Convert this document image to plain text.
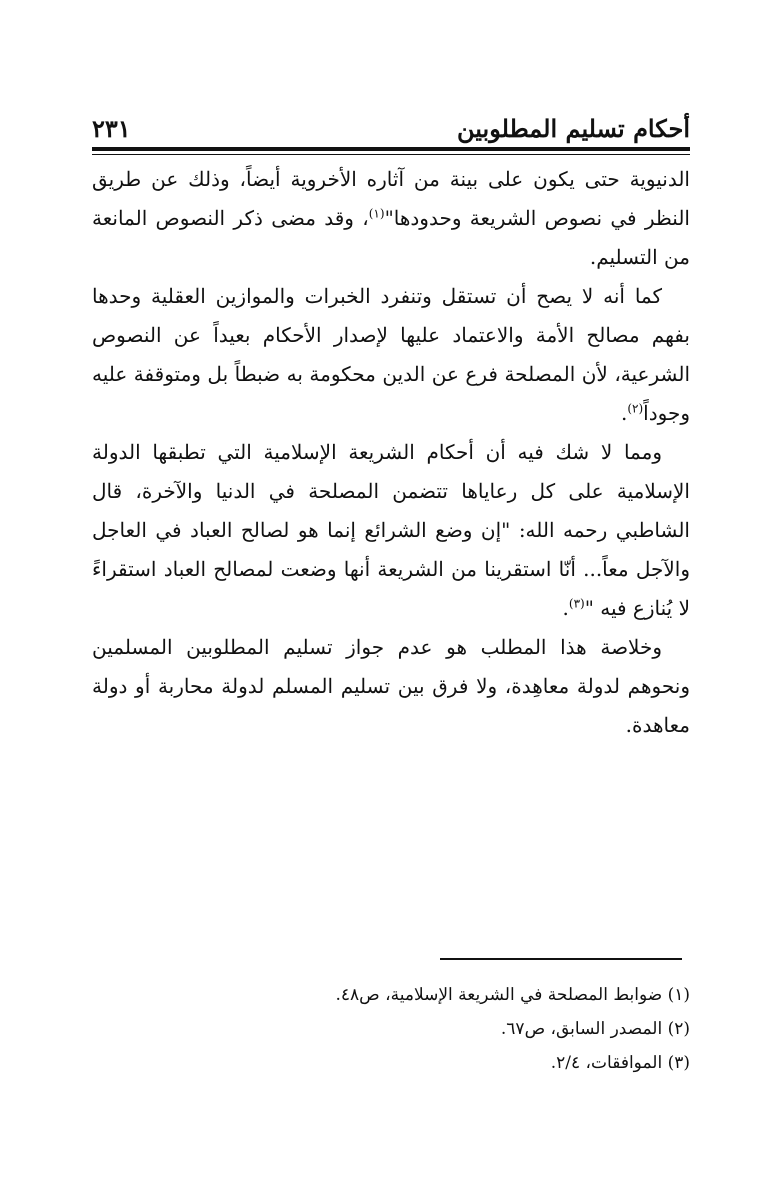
أحكام تسليم المطلوبين
٢٣١

الدنيوية حتى يكون على بينة من آثاره الأخروية أيضاً، وذلك عن طريق النظر في نصوص الشريعة وحدودها"$^{(١)}$، وقد مضى ذكر النصوص المانعة من التسليم.

كما أنه لا يصح أن تستقل وتنفرد الخبرات والموازين العقلية وحدها بفهم مصالح الأمة والاعتماد عليها لإصدار الأحكام بعيداً عن النصوص الشرعية، لأن المصلحة فرع عن الدين محكومة به ضبطاً بل ومتوقفة عليه وجوداً$^{(٢)}$.

ومما لا شك فيه أن أحكام الشريعة الإسلامية التي تطبقها الدولة الإسلامية على كل رعاياها تتضمن المصلحة في الدنيا والآخرة، قال الشاطبي رحمه الله: "إن وضع الشرائع إنما هو لصالح العباد في العاجل والآجل معاً... أنّا استقرينا من الشريعة أنها وضعت لمصالح العباد استقراءً لا يُنازع فيه "$^{(٣)}$.

وخلاصة هذا المطلب هو عدم جواز تسليم المطلوبين المسلمين ونحوهم لدولة معاهِدة، ولا فرق بين تسليم المسلم لدولة محاربة أو دولة معاهدة.

(١) ضوابط المصلحة في الشريعة الإسلامية، ص٤٨.
(٢) المصدر السابق، ص٦٧.
(٣) الموافقات، ٢/٤.
